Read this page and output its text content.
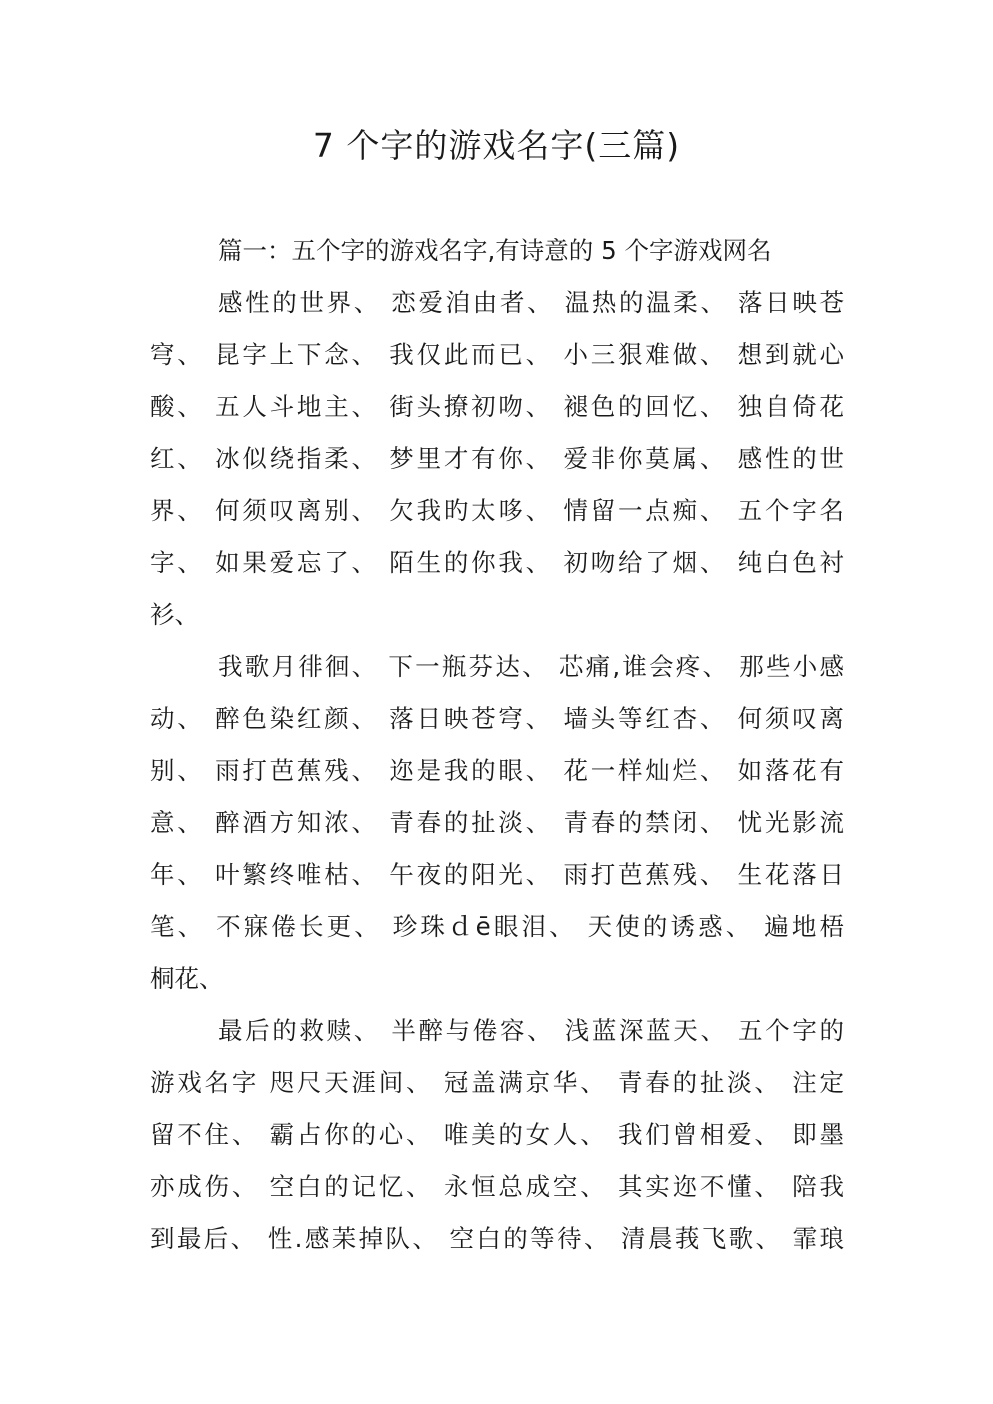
7 个字的游戏名字(三篇)
篇一：五个字的游戏名字,有诗意的 5 个字游戏网名
感性的世界、 恋爱洎由者、 温热的温柔、 落日映苍
穹、 昆字上下念、 我仅此而已、 小三狠难做、 想到就心
酸、 五人斗地主、 街头撩初吻、 褪色的回忆、 独自倚花
红、 冰似绕指柔、 梦里才有你、 爱非你莫属、 感性的世
界、 何须叹离别、 欠我旳太哆、 情留一点痴、 五个字名
字、 如果爱忘了、 陌生的你我、 初吻给了烟、 纯白色衬
衫、
我歌月徘徊、 下一瓶芬达、 芯痛,谁会疼、 那些小感
动、 醉色染红颜、 落日映苍穹、 墙头等红杏、 何须叹离
别、 雨打芭蕉残、 迩是我的眼、 花一样灿烂、 如落花有
意、 醉酒方知浓、 青春的扯淡、 青春的禁闭、 忧光影流
年、 叶繁终唯枯、 午夜的阳光、 雨打芭蕉残、 生花落日
笔、 不寐倦长更、 珍珠ｄē眼泪、 天使的诱惑、 遍地梧
桐花、
最后的救赎、 半醉与倦容、 浅蓝深蓝天、 五个字的
游戏名字 咫尺天涯间、 冠盖满京华、 青春的扯淡、 注定
留不住、 霸占你的心、 唯美的女人、 我们曾相爱、 即墨
亦成伤、 空白的记忆、 永恒总成空、 其实迩不懂、 陪我
到最后、 性.感苿掉队、 空白的等待、 清晨莪飞歌、 霏琅
